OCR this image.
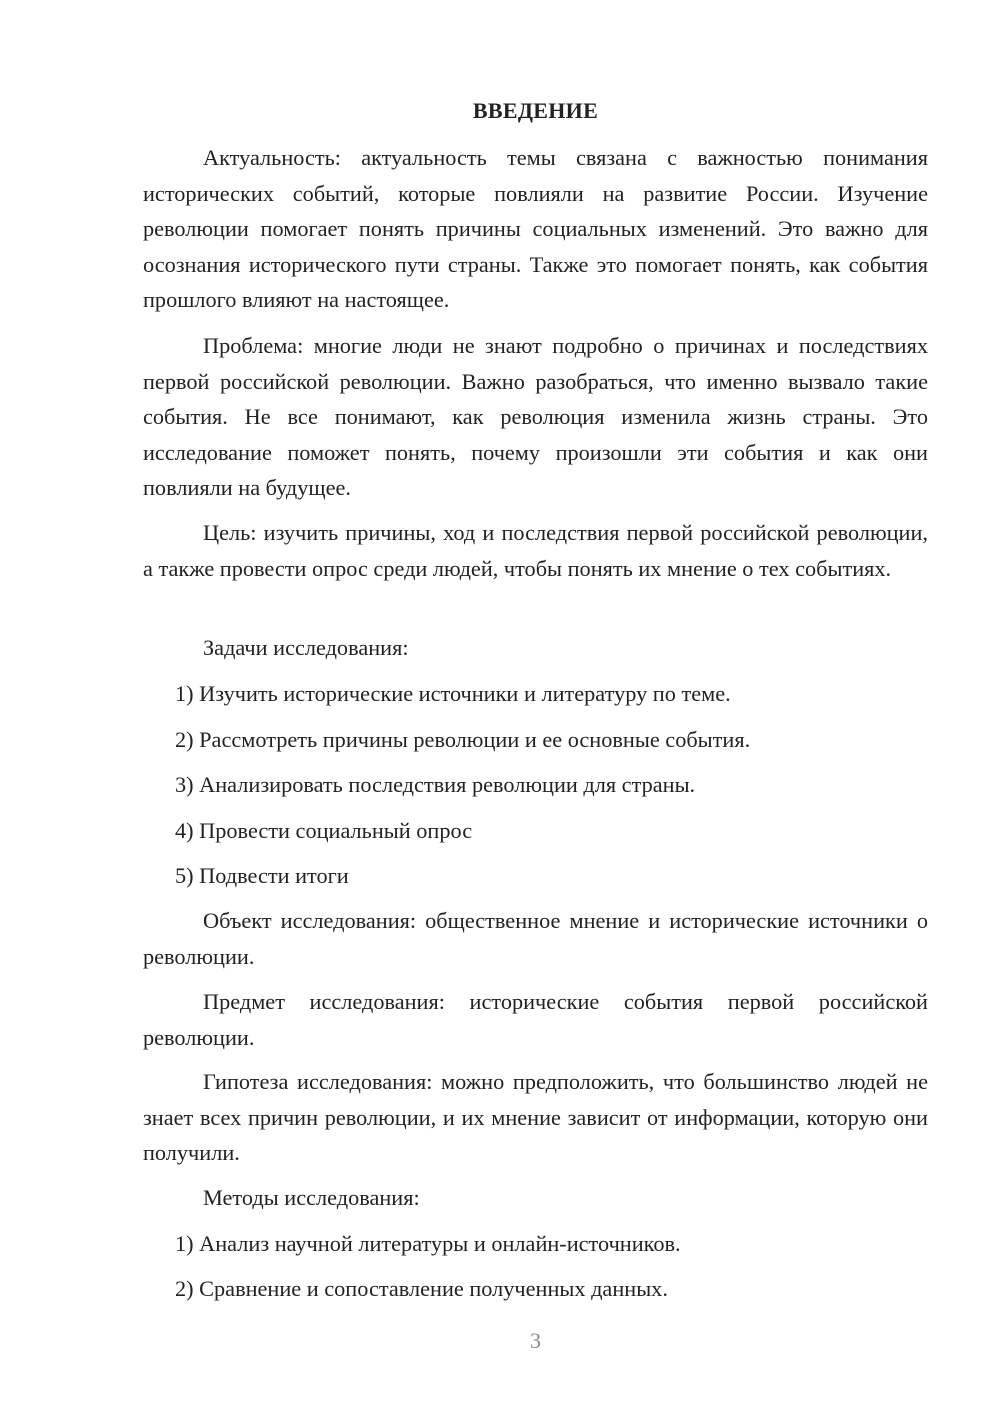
ВВЕДЕНИЕ

Актуальность: актуальность темы связана с важностью понимания исторических событий, которые повлияли на развитие России. Изучение революции помогает понять причины социальных изменений. Это важно для осознания исторического пути страны. Также это помогает понять, как события прошлого влияют на настоящее.

Проблема: многие люди не знают подробно о причинах и последствиях первой российской революции. Важно разобраться, что именно вызвало такие события. Не все понимают, как революция изменила жизнь страны. Это исследование поможет понять, почему произошли эти события и как они повлияли на будущее.

Цель: изучить причины, ход и последствия первой российской революции, а также провести опрос среди людей, чтобы понять их мнение о тех событиях.

Задачи исследования:

1) Изучить исторические источники и литературу по теме.

2) Рассмотреть причины революции и ее основные события.

3) Анализировать последствия революции для страны.

4) Провести социальный опрос

5) Подвести итоги

Объект исследования: общественное мнение и исторические источники о революции.

Предмет исследования: исторические события первой российской революции.

Гипотеза исследования: можно предположить, что большинство людей не знает всех причин революции, и их мнение зависит от информации, которую они получили.

Методы исследования:

1) Анализ научной литературы и онлайн-источников.

2) Сравнение и сопоставление полученных данных.

3
